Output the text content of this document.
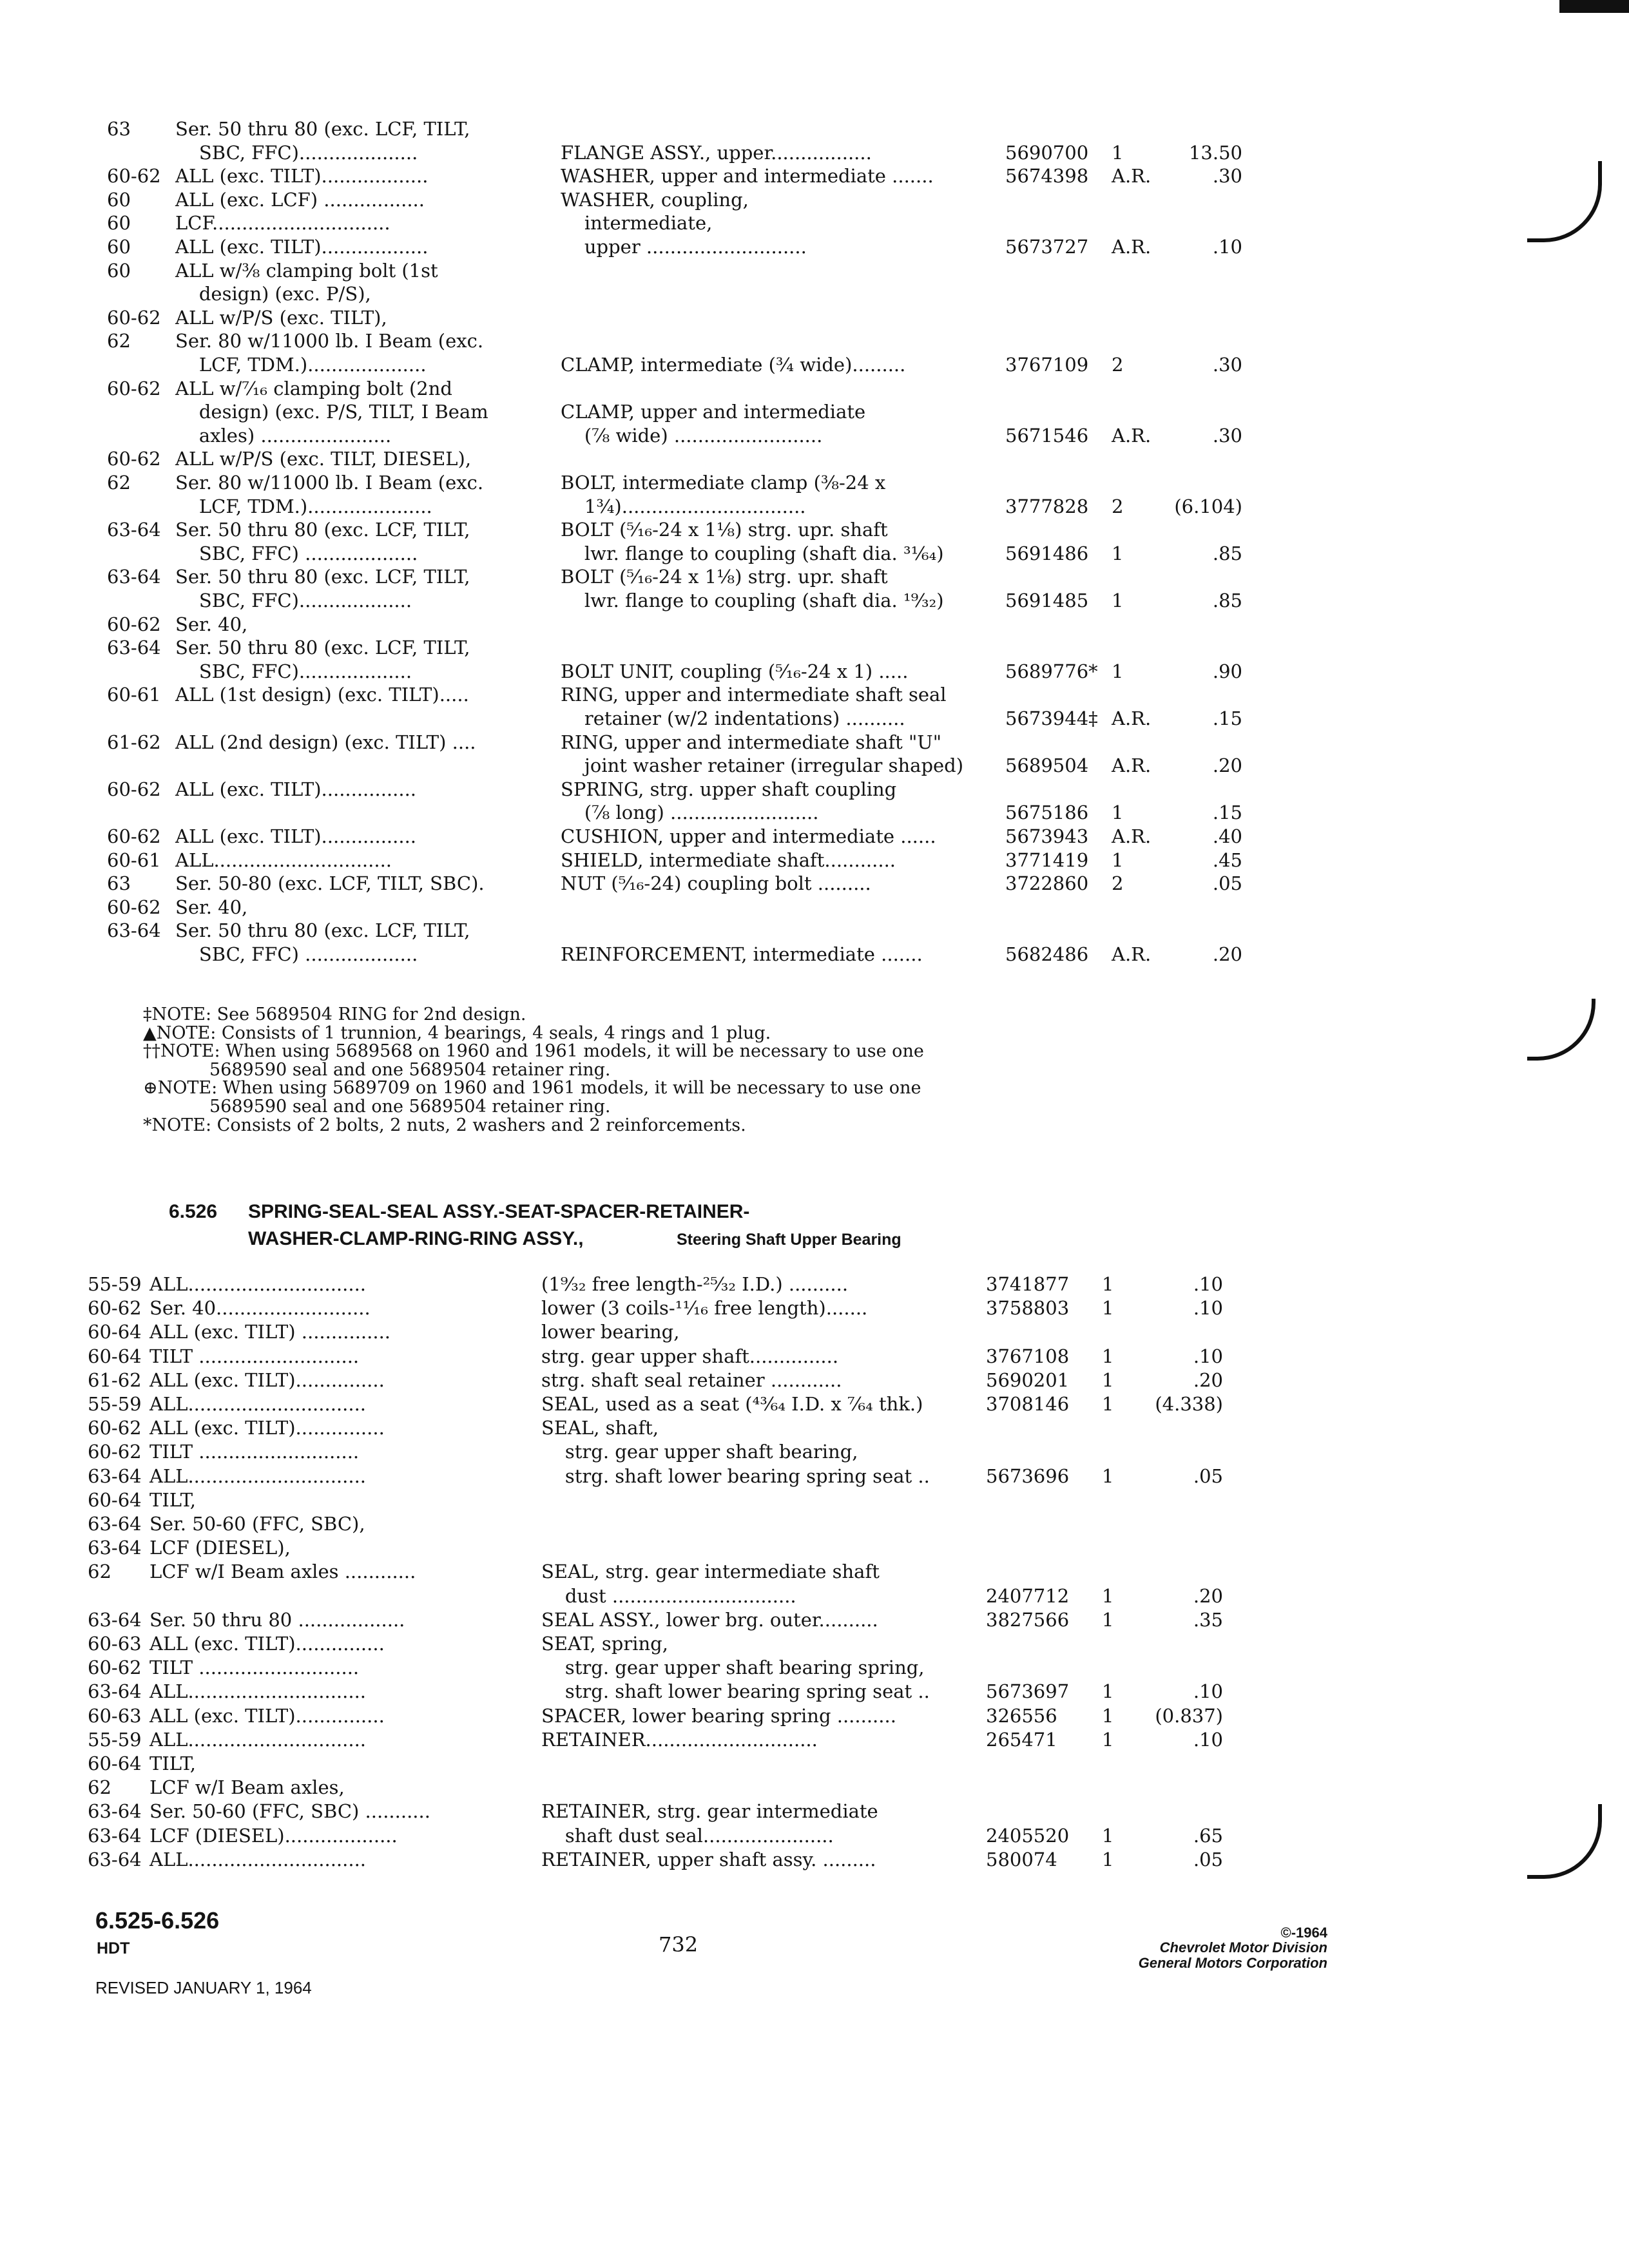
63 Ser. 50 thru 80 (exc. LCF, TILT,
SBC, FFC)....................	FLANGE ASSY., upper.................	5690700 1	13.50
60-62 ALL (exc. TILT)..................	WASHER, upper and intermediate .......	5674398 A.R.	.30
60 ALL (exc. LCF) .................	WASHER, coupling,
60 LCF..............................	intermediate,
60 ALL (exc. TILT)..................	upper ...........................	5673727 A.R.	.10
60 ALL w/⅜ clamping bolt (1st
design) (exc. P/S),
60-62 ALL w/P/S (exc. TILT),
62 Ser. 80 w/11000 lb. I Beam (exc.
LCF, TDM.)....................	CLAMP, intermediate (¾ wide).........	3767109 2	.30
60-62 ALL w/⁷⁄₁₆ clamping bolt (2nd
design) (exc. P/S, TILT, I Beam	CLAMP, upper and intermediate
axles) ......................	(⅞ wide) .........................	5671546 A.R.	.30
60-62 ALL w/P/S (exc. TILT, DIESEL),
62 Ser. 80 w/11000 lb. I Beam (exc.	BOLT, intermediate clamp (⅜-24 x
LCF, TDM.).....................	1¾)...............................	3777828 2	(6.104)
63-64 Ser. 50 thru 80 (exc. LCF, TILT,	BOLT (⁵⁄₁₆-24 x 1⅛) strg. upr. shaft
SBC, FFC) ...................	lwr. flange to coupling (shaft dia. ³¹⁄₆₄)	5691486 1	.85
63-64 Ser. 50 thru 80 (exc. LCF, TILT,	BOLT (⁵⁄₁₆-24 x 1⅛) strg. upr. shaft
SBC, FFC)...................	lwr. flange to coupling (shaft dia. ¹⁹⁄₃₂)	5691485 1	.85
60-62 Ser. 40,
63-64 Ser. 50 thru 80 (exc. LCF, TILT,
SBC, FFC)...................	BOLT UNIT, coupling (⁵⁄₁₆-24 x 1) .....	5689776* 1	.90
60-61 ALL (1st design) (exc. TILT).....	RING, upper and intermediate shaft seal
retainer (w/2 indentations) ..........	5673944‡ A.R.	.15
61-62 ALL (2nd design) (exc. TILT) ....	RING, upper and intermediate shaft "U"
joint washer retainer (irregular shaped) 5689504 A.R.	.20
60-62 ALL (exc. TILT)................	SPRING, strg. upper shaft coupling
(⅞ long) .........................	5675186 1	.15
60-62 ALL (exc. TILT)................	CUSHION, upper and intermediate ......	5673943 A.R.	.40
60-61 ALL..............................	SHIELD, intermediate shaft............	3771419 1	.45
63 Ser. 50-80 (exc. LCF, TILT, SBC).	NUT (⁵⁄₁₆-24) coupling bolt .........	3722860 2	.05
60-62 Ser. 40,
63-64 Ser. 50 thru 80 (exc. LCF, TILT,
SBC, FFC) ...................	REINFORCEMENT, intermediate .......	5682486 A.R.	.20
‡NOTE: See 5689504 RING for 2nd design.
▲NOTE: Consists of 1 trunnion, 4 bearings, 4 seals, 4 rings and 1 plug.
††NOTE: When using 5689568 on 1960 and 1961 models, it will be necessary to use one
5689590 seal and one 5689504 retainer ring.
⊕NOTE: When using 5689709 on 1960 and 1961 models, it will be necessary to use one
5689590 seal and one 5689504 retainer ring.
*NOTE: Consists of 2 bolts, 2 nuts, 2 washers and 2 reinforcements.
6.526 SPRING-SEAL-SEAL ASSY.-SEAT-SPACER-RETAINER-
WASHER-CLAMP-RING-RING ASSY.,	Steering Shaft Upper Bearing
55-59 ALL..............................	(1⁹⁄₃₂ free length-²⁵⁄₃₂ I.D.) ..........	3741877 1	.10
60-62 Ser. 40..........................	lower (3 coils-¹¹⁄₁₆ free length).......	3758803 1	.10
60-64 ALL (exc. TILT) ...............	lower bearing,
60-64 TILT ...........................	strg. gear upper shaft...............	3767108 1	.10
61-62 ALL (exc. TILT)...............	strg. shaft seal retainer ............	5690201 1	.20
55-59 ALL..............................	SEAL, used as a seat (⁴³⁄₆₄ I.D. x ⁷⁄₆₄ thk.)	3708146 1	(4.338)
60-62 ALL (exc. TILT)...............	SEAL, shaft,
60-62 TILT ...........................	strg. gear upper shaft bearing,
63-64 ALL..............................	strg. shaft lower bearing spring seat ..	5673696 1	.05
60-64 TILT,
63-64 Ser. 50-60 (FFC, SBC),
63-64 LCF (DIESEL),
62 LCF w/I Beam axles ............	SEAL, strg. gear intermediate shaft
dust ...............................	2407712 1	.20
63-64 Ser. 50 thru 80 ..................	SEAL ASSY., lower brg. outer..........	3827566 1	.35
60-63 ALL (exc. TILT)...............	SEAT, spring,
60-62 TILT ...........................	strg. gear upper shaft bearing spring,
63-64 ALL..............................	strg. shaft lower bearing spring seat ..	5673697 1	.10
60-63 ALL (exc. TILT)...............	SPACER, lower bearing spring ..........	326556 1	(0.837)
55-59 ALL..............................	RETAINER.............................	265471 1	.10
60-64 TILT,
62 LCF w/I Beam axles,
63-64 Ser. 50-60 (FFC, SBC) ...........	RETAINER, strg. gear intermediate
63-64 LCF (DIESEL)...................	shaft dust seal......................	2405520 1	.65
63-64 ALL..............................	RETAINER, upper shaft assy. .........	580074 1	.05
6.525-6.526
HDT	732	©-1964
Chevrolet Motor Division
General Motors Corporation
REVISED JANUARY 1, 1964
